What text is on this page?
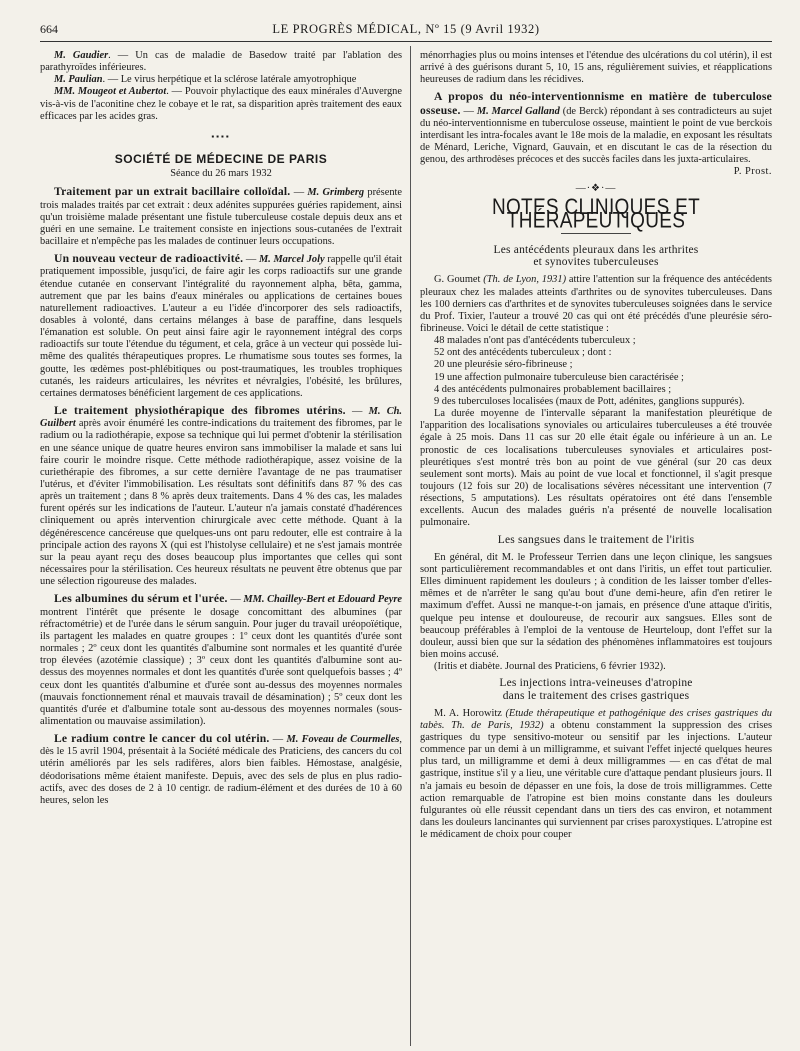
664	LE PROGRÈS MÉDICAL, Nº 15 (9 Avril 1932)

M. Gaudier. — Un cas de maladie de Basedow traité par l'ablation des parathyroïdes inférieures.

M. Paulian. — Le virus herpétique et la sclérose latérale amyotrophique

MM. Mougeot et Aubertot. — Pouvoir phylactique des eaux minérales d'Auvergne vis-à-vis de l'aconitine chez le cobaye et le rat, sa disparition après traitement des eaux efficaces par les acides gras.

▪▪▪▪
SOCIÉTÉ DE MÉDECINE DE PARIS
Séance du 26 mars 1932

Traitement par un extrait bacillaire colloïdal. — M. Grimberg présente trois malades traités par cet extrait : deux adénites suppurées guéries rapidement, ainsi qu'un troisième malade présentant une fistule tuberculeuse costale depuis deux ans et guéri en une semaine. Le traitement consiste en injections sous-cutanées de l'extrait bacillaire et n'empêche pas les malades de continuer leurs occupations.

Un nouveau vecteur de radioactivité. — M. Marcel Joly rappelle qu'il était pratiquement impossible, jusqu'ici, de faire agir les corps radioactifs sur une grande étendue cutanée en conservant l'intégralité du rayonnement alpha, bêta, gamma, autrement que par les bains d'eaux minérales ou applications de certaines boues naturellement radioactives. L'auteur a eu l'idée d'incorporer des sels radioactifs, dosables à volonté, dans certains mélanges à base de paraffine, dans lesquels l'émanation est soluble. On peut ainsi faire agir le rayonnement intégral des corps radioactifs sur toute l'étendue du tégument, et cela, grâce à un vecteur qui possède lui-même des qualités thérapeutiques propres. Le rhumatisme sous toutes ses formes, la goutte, les œdèmes post-phlébitiques ou post-traumatiques, les troubles trophiques cutanés, les raideurs articulaires, les névrites et névralgies, l'obésité, les brûlures, certaines dermatoses bénéficient largement de ces applications.

Le traitement physiothérapique des fibromes utérins. — M. Ch. Guilbert après avoir énuméré les contre-indications du traitement des fibromes, par le radium ou la radiothérapie, expose sa technique qui lui permet d'obtenir la stérilisation en une séance unique de quatre heures environ sans immobiliser la malade et sans lui faire courir le moindre risque. Cette méthode radiothérapique, assez voisine de la curiethérapie des fibromes, a sur cette dernière l'avantage de ne pas traumatiser l'utérus, et d'éviter l'immobilisation. Les résultats sont définitifs dans 87 % des cas après un traitement ; dans 8 % après deux traitements. Dans 4 % des cas, les malades furent opérés sur les indications de l'auteur. L'auteur n'a jamais constaté d'hadérences cliniquement ou après intervention chirurgicale avec cette méthode. Quant à la dégénérescence cancéreuse que quelques-uns ont paru redouter, elle est contraire à la principale action des rayons X (qui est l'histolyse cellulaire) et ne s'est jamais montrée sur la peau ayant reçu des doses beaucoup plus importantes que celles qui sont nécessaires pour la stérilisation. Ces heureux résultats ne peuvent être obtenus que par une sélection rigoureuse des malades.

Les albumines du sérum et l'urée. — MM. Chailley-Bert et Edouard Peyre montrent l'intérêt que présente le dosage concomittant des albumines (par réfractométrie) et de l'urée dans le sérum sanguin. Pour juger du travail uréopoïétique, ils partagent les malades en quatre groupes : 1º ceux dont les quantités d'urée sont normales ; 2º ceux dont les quantités d'albumine sont normales et les quantité d'urée trop élevées (azotémie classique) ; 3º ceux dont les quantités d'albumine sont au-dessus des moyennes normales et dont les quantités d'urée sont quelquefois basses ; 4º ceux dont les quantités d'albumine et d'urée sont au-dessus des moyennes normales (mauvais fonctionnement rénal et mauvais travail de désamination) ; 5º ceux dont les quantités d'urée et d'albumine totale sont au-dessous des moyennes normales (sous-alimentation ou mauvaise assimilation).

Le radium contre le cancer du col utérin. — M. Foveau de Courmelles, dès le 15 avril 1904, présentait à la Société médicale des Praticiens, des cancers du col utérin améliorés par les sels radifères, alors bien faibles. Hémostase, analgésie, déodorisations même étaient manifeste. Depuis, avec des sels de plus en plus radio-actifs, avec des doses de 2 à 10 centigr. de radium-élément et des durées de 10 à 60 heures, selon les

ménorrhagies plus ou moins intenses et l'étendue des ulcérations du col utérin), il est arrivé à des guérisons durant 5, 10, 15 ans, régulièrement suivies, et réapplications heureuses de radium dans les récidives.

A propos du néo-interventionnisme en matière de tuberculose osseuse. — M. Marcel Galland (de Berck) répondant à ses contradicteurs au sujet du néo-interventionnisme en tuberculose osseuse, maintient le point de vue berckois interdisant les intra-focales avant le 18e mois de la maladie, en exposant les résultats de Ménard, Leriche, Vignard, Gauvain, et en discutant le cas de la résection du genou, des arthrodèses précoces et des succès faciles dans les juxta-articulaires.

P. Prost.
—·❖·—
NOTES CLINIQUES ET THÉRAPEUTIQUES
Les antécédents pleuraux dans les arthrites
et synovites tuberculeuses

G. Goumet (Th. de Lyon, 1931) attire l'attention sur la fréquence des antécédents pleuraux chez les malades atteints d'arthrites ou de synovites tuberculeuses. Dans les 100 derniers cas d'arthrites et de synovites tuberculeuses soignées dans le service du Prof. Tixier, l'auteur a trouvé 20 cas qui ont été précédés d'une pleurésie séro-fibrineuse. Voici le détail de cette statistique :

48 malades n'ont pas d'antécédents tuberculeux ;

52 ont des antécédents tuberculeux ; dont :

20 une pleurésie séro-fibrineuse ;

19 une affection pulmonaire tuberculeuse bien caractérisée ;

4 des antécédents pulmonaires probablement bacillaires ;

9 des tuberculoses localisées (maux de Pott, adénites, ganglions suppurés).

La durée moyenne de l'intervalle séparant la manifestation pleurétique de l'apparition des localisations synoviales ou articulaires tuberculeuses a été trouvée égale à 25 mois. Dans 11 cas sur 20 elle était égale ou inférieure à un an. Le pronostic de ces localisations tuberculeuses synoviales et articulaires post-pleurétiques s'est montré très bon au point de vue général (sur 20 cas deux seulement sont morts). Mais au point de vue local et fonctionnel, il s'agit presque toujours (12 fois sur 20) de localisations sévères nécessitant une intervention (7 résections, 5 amputations). Les résultats opératoires ont été dans l'ensemble excellents. Aucun des malades guéris n'a présenté de nouvelle localisation pulmonaire.

Les sangsues dans le traitement de l'iritis

En général, dit M. le Professeur Terrien dans une leçon clinique, les sangsues sont particulièrement recommandables et ont dans l'iritis, un effet tout particulier. Elles diminuent rapidement les douleurs ; à condition de les laisser tomber d'elles-mêmes et de n'arrêter le sang qu'au bout d'une demi-heure, afin d'en retirer le maximum d'effet. Aussi ne manque-t-on jamais, en présence d'une attaque d'iritis, quelque peu intense et douloureuse, de recourir aux sangsues. Elles sont de beaucoup préférables à l'emploi de la ventouse de Heurteloup, dont l'effet sur la douleur, aussi bien que sur la sédation des phénomènes inflammatoires est toujours bien moins accusé.

(Iritis et diabète. Journal des Praticiens, 6 février 1932).

Les injections intra-veineuses d'atropine
dans le traitement des crises gastriques

M. A. Horowitz (Etude thérapeutique et pathogénique des crises gastriques du tabès. Th. de Paris, 1932) a obtenu constamment la suppression des crises gastriques du type sensitivo-moteur ou sensitif par les injections. L'auteur commence par un demi à un milligramme, et suivant l'effet injecté quelques heures plus tard, un milligramme et demi à deux milligrammes — en cas d'état de mal gastrique, institue s'il y a lieu, une véritable cure d'attaque pendant plusieurs jours. Il n'a jamais eu besoin de dépasser en une fois, la dose de trois milligrammes. Cette action remarquable de l'atropine est bien moins constante dans les douleurs fulgurantes où elle réussit cependant dans un tiers des cas environ, et notamment dans les douleurs lancinantes qui surviennent par crises paroxystiques. L'atropine est le médicament de choix pour couper
